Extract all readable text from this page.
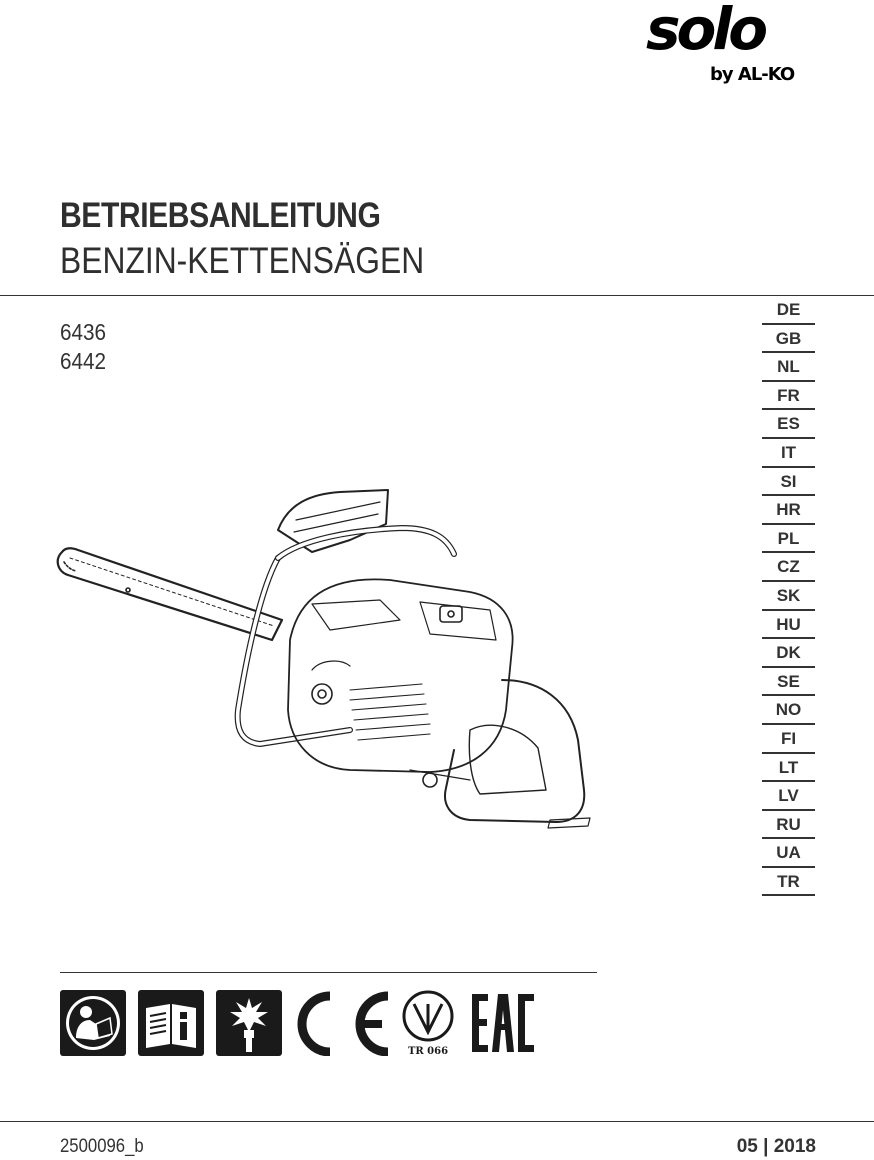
solo
by AL-KO
BETRIEBSANLEITUNG
BENZIN-KETTENSÄGEN
6436
6442
DE
GB
NL
FR
ES
IT
SI
HR
PL
CZ
SK
HU
DK
SE
NO
FI
LT
LV
RU
UA
TR
TR 066
2500096_b	05 | 2018
